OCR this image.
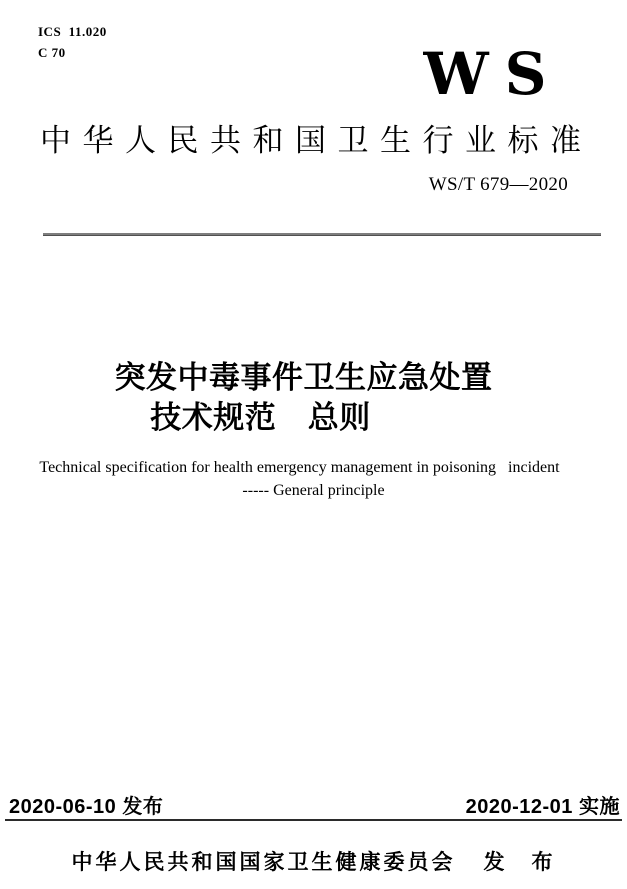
ICS  11.020
C 70	WS
中华人民共和国卫生行业标准
WS/T 679—2020
突发中毒事件卫生应急处置
技术规范　总则
Technical specification for health emergency management in poisoning   incident
----- General principle
2020-06-10 发布	2020-12-01 实施
中华人民共和国国家卫生健康委员会 发　布
